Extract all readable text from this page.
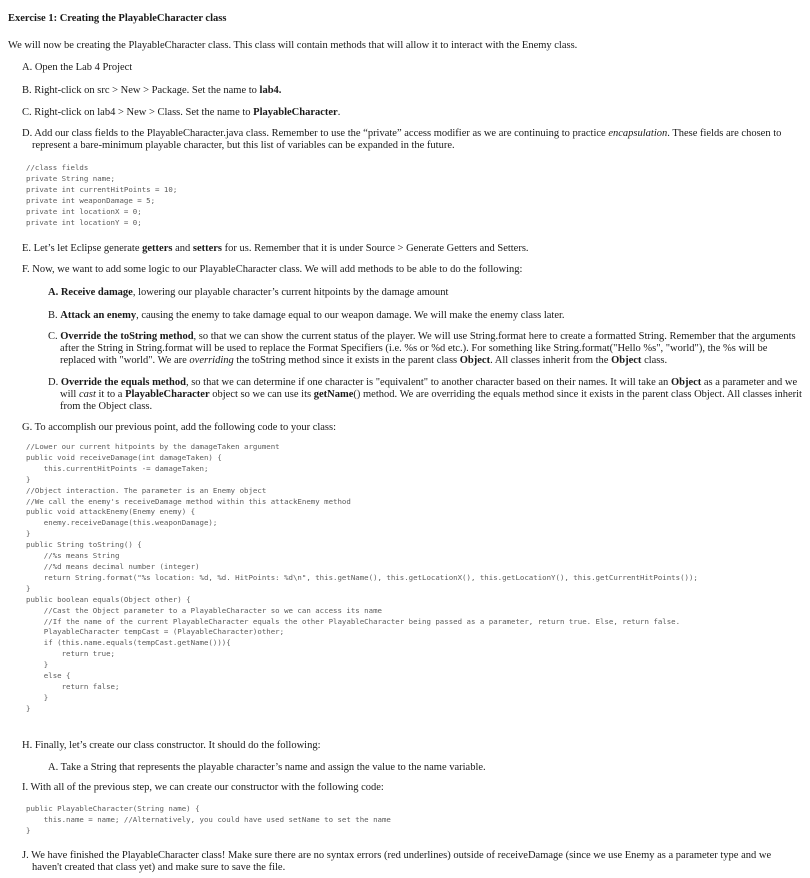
Exercise 1: Creating the PlayableCharacter class
We will now be creating the PlayableCharacter class. This class will contain methods that will allow it to interact with the Enemy class.
A. Open the Lab 4 Project
B. Right-click on src > New > Package. Set the name to lab4.
C. Right-click on lab4 > New > Class. Set the name to PlayableCharacter.
D. Add our class fields to the PlayableCharacter.java class. Remember to use the “private” access modifier as we are continuing to practice encapsulation. These fields are chosen to represent a bare-minimum playable character, but this list of variables can be expanded in the future.
//class fields
private String name;
private int currentHitPoints = 10;
private int weaponDamage = 5;
private int locationX = 0;
private int locationY = 0;
E. Let’s let Eclipse generate getters and setters for us. Remember that it is under Source > Generate Getters and Setters.
F. Now, we want to add some logic to our PlayableCharacter class. We will add methods to be able to do the following:
A. Receive damage, lowering our playable character’s current hitpoints by the damage amount
B. Attack an enemy, causing the enemy to take damage equal to our weapon damage. We will make the enemy class later.
C. Override the toString method, so that we can show the current status of the player. We will use String.format here to create a formatted String. Remember that the arguments after the String in String.format will be used to replace the Format Specifiers (i.e. %s or %d etc.). For something like String.format("Hello %s", "world"), the %s will be replaced with "world". We are overriding the toString method since it exists in the parent class Object. All classes inherit from the Object class.
D. Override the equals method, so that we can determine if one character is "equivalent" to another character based on their names. It will take an Object as a parameter and we will cast it to a PlayableCharacter object so we can use its getName() method. We are overriding the equals method since it exists in the parent class Object. All classes inherit from the Object class.
G. To accomplish our previous point, add the following code to your class:
//Lower our current hitpoints by the damageTaken argument
public void receiveDamage(int damageTaken) {
this.currentHitPoints -= damageTaken;
}
//Object interaction. The parameter is an Enemy object
//We call the enemy's receiveDamage method within this attackEnemy method
public void attackEnemy(Enemy enemy) {
enemy.receiveDamage(this.weaponDamage);
}
public String toString() {
//%s means String
//%d means decimal number (integer)
return String.format("%s location: %d, %d. HitPoints: %d\n", this.getName(), this.getLocationX(), this.getLocationY(), this.getCurrentHitPoints());
}
public boolean equals(Object other) {
//Cast the Object parameter to a PlayableCharacter so we can access its name
//If the name of the current PlayableCharacter equals the other PlayableCharacter being passed as a parameter, return true. Else, return false.
PlayableCharacter tempCast = (PlayableCharacter)other;
if (this.name.equals(tempCast.getName())){
return true;
}
else {
return false;
}
}
H. Finally, let’s create our class constructor. It should do the following:
A. Take a String that represents the playable character’s name and assign the value to the name variable.
I. With all of the previous step, we can create our constructor with the following code:
public PlayableCharacter(String name) {
this.name = name; //Alternatively, you could have used setName to set the name
}
J. We have finished the PlayableCharacter class! Make sure there are no syntax errors (red underlines) outside of receiveDamage (since we use Enemy as a parameter type and we haven't created that class yet) and make sure to save the file.
